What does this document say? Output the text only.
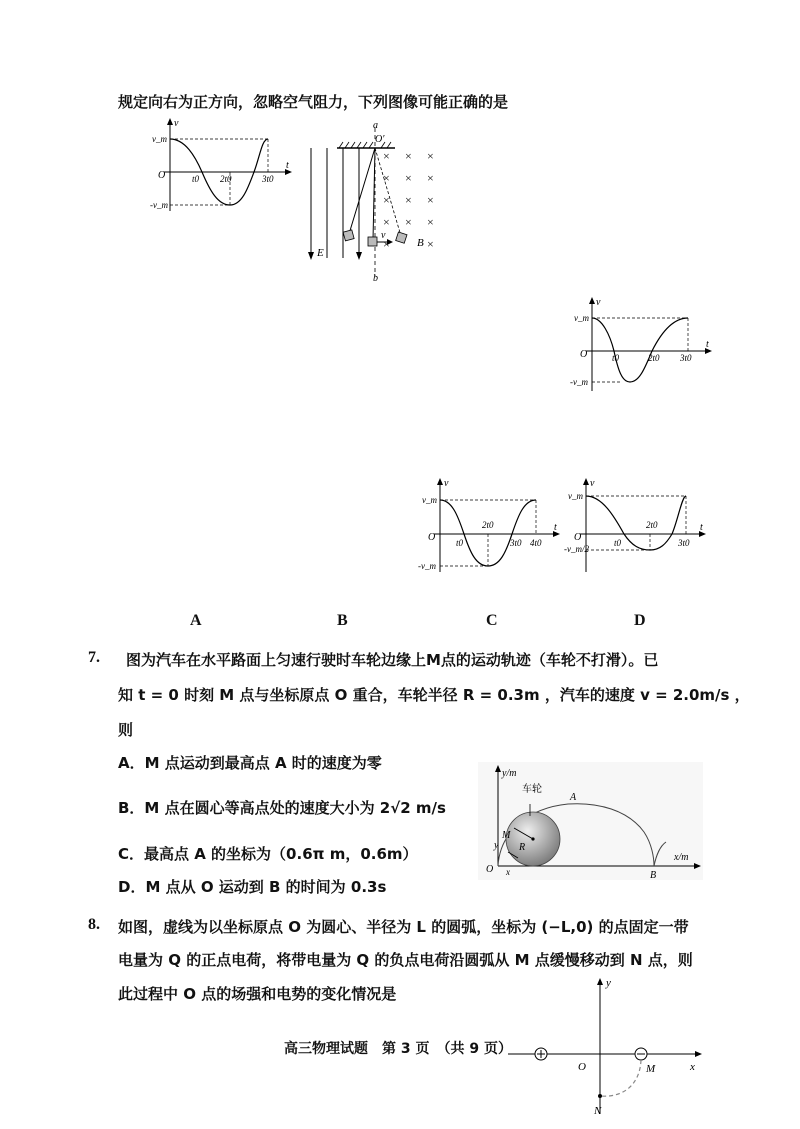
规定向右为正方向，忽略空气阻力，下列图像可能正确的是
v
t
O
v_m
-v_m
t0 2t0	3t0
E
a
O′
b
v
× × ×
× × ×
× × ×
× × ×
×	×
B
v
t
O
v_m
-v_m
t0	2t0 3t0
v
t
O
v_m
-v_m
t0
2t0
3t0 4t0
v
t
O
v_m
-v_m/2
t0
2t0
3t0
A	B	C	D
7. 图为汽车在水平路面上匀速行驶时车轮边缘上M点的运动轨迹（车轮不打滑）。已
知 t = 0 时刻 M 点与坐标原点 O 重合，车轮半径 R = 0.3m ，汽车的速度 v = 2.0m/s ，
则
A．M 点运动到最高点 A 时的速度为零
B．M 点在圆心等高点处的速度大小为 2√2 m/s
C．最高点 A 的坐标为（0.6π m，0.6m）
D．M 点从 O 运动到 B 的时间为 0.3s
y/m
x/m
O
R
M
y
x
车轮
A
B
8. 如图，虚线为以坐标原点 O 为圆心、半径为 L 的圆弧，坐标为 (−L,0) 的点固定一带
电量为 Q 的正点电荷，将带电量为 Q 的负点电荷沿圆弧从 M 点缓慢移动到 N 点，则
此过程中 O 点的场强和电势的变化情况是
高三物理试题　第 3 页　（共 9 页）
y
x
O	M
N
